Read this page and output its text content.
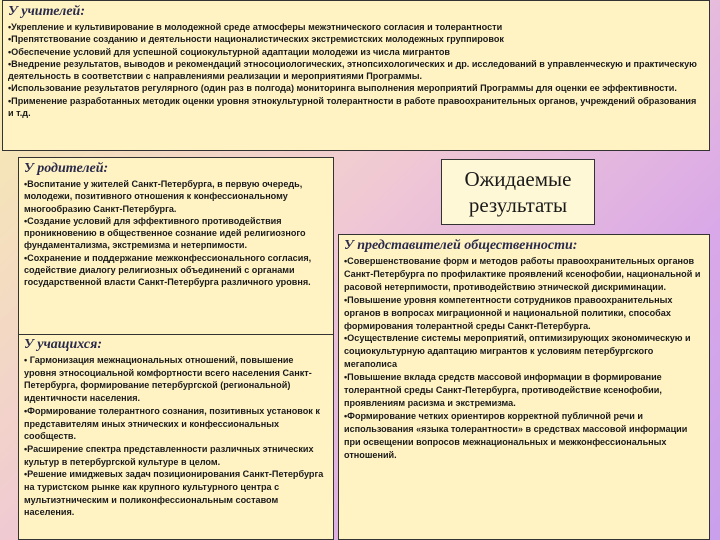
У учителей:
•Укрепление и культивирование в молодежной среде атмосферы межэтнического согласия и толерантности
•Препятствование созданию и деятельности националистических экстремистских молодежных группировок
•Обеспечение условий для успешной социокультурной адаптации молодежи из числа мигрантов
•Внедрение результатов, выводов и рекомендаций этносоциологических, этнопсихологических и др. исследований в управленческую и практическую деятельность в соответствии с направлениями реализации и мероприятиями Программы.
•Использование результатов регулярного (один раз в полгода) мониторинга выполнения мероприятий Программы для оценки ее эффективности.
•Применение разработанных методик оценки уровня этнокультурной толерантности в работе правоохранительных органов, учреждений образования и т.д.
У родителей:
•Воспитание у жителей Санкт-Петербурга, в первую очередь, молодежи, позитивного отношения к конфессиональному многообразию Санкт-Петербурга.
•Создание условий для эффективного противодействия проникновению в общественное сознание идей религиозного фундаментализма, экстремизма и нетерпимости.
•Сохранение и поддержание межконфессионального согласия, содействие диалогу религиозных объединений с органами государственной власти Санкт-Петербурга различного уровня.
У учащихся:
• Гармонизация межнациональных отношений, повышение уровня этносоциальной комфортности всего населения Санкт-Петербурга, формирование петербургской (региональной) идентичности населения.
•Формирование толерантного сознания, позитивных установок к представителям иных этнических и конфессиональных сообществ.
•Расширение спектра представленности различных этнических культур в петербургской культуре в целом.
•Решение имиджевых задач позиционирования Санкт-Петербурга на туристском рынке как крупного культурного центра с мультиэтническим и поликонфессиональным составом населения.
Ожидаемые
результаты
У представителей общественности:
•Совершенствование форм и методов работы правоохранительных органов Санкт-Петербурга по профилактике проявлений ксенофобии, национальной и расовой нетерпимости, противодействию этнической дискриминации.
•Повышение уровня компетентности сотрудников правоохранительных органов в вопросах миграционной и национальной политики, способах формирования толерантной среды Санкт-Петербурга.
•Осуществление системы мероприятий, оптимизирующих экономическую и социокультурную адаптацию мигрантов к условиям петербургского мегаполиса
•Повышение вклада средств массовой информации в формирование толерантной среды Санкт-Петербурга, противодействие ксенофобии, проявлениям расизма и экстремизма.
•Формирование четких ориентиров корректной публичной речи и использования «языка толерантности» в средствах массовой информации при освещении вопросов межнациональных и межконфессиональных отношений.
